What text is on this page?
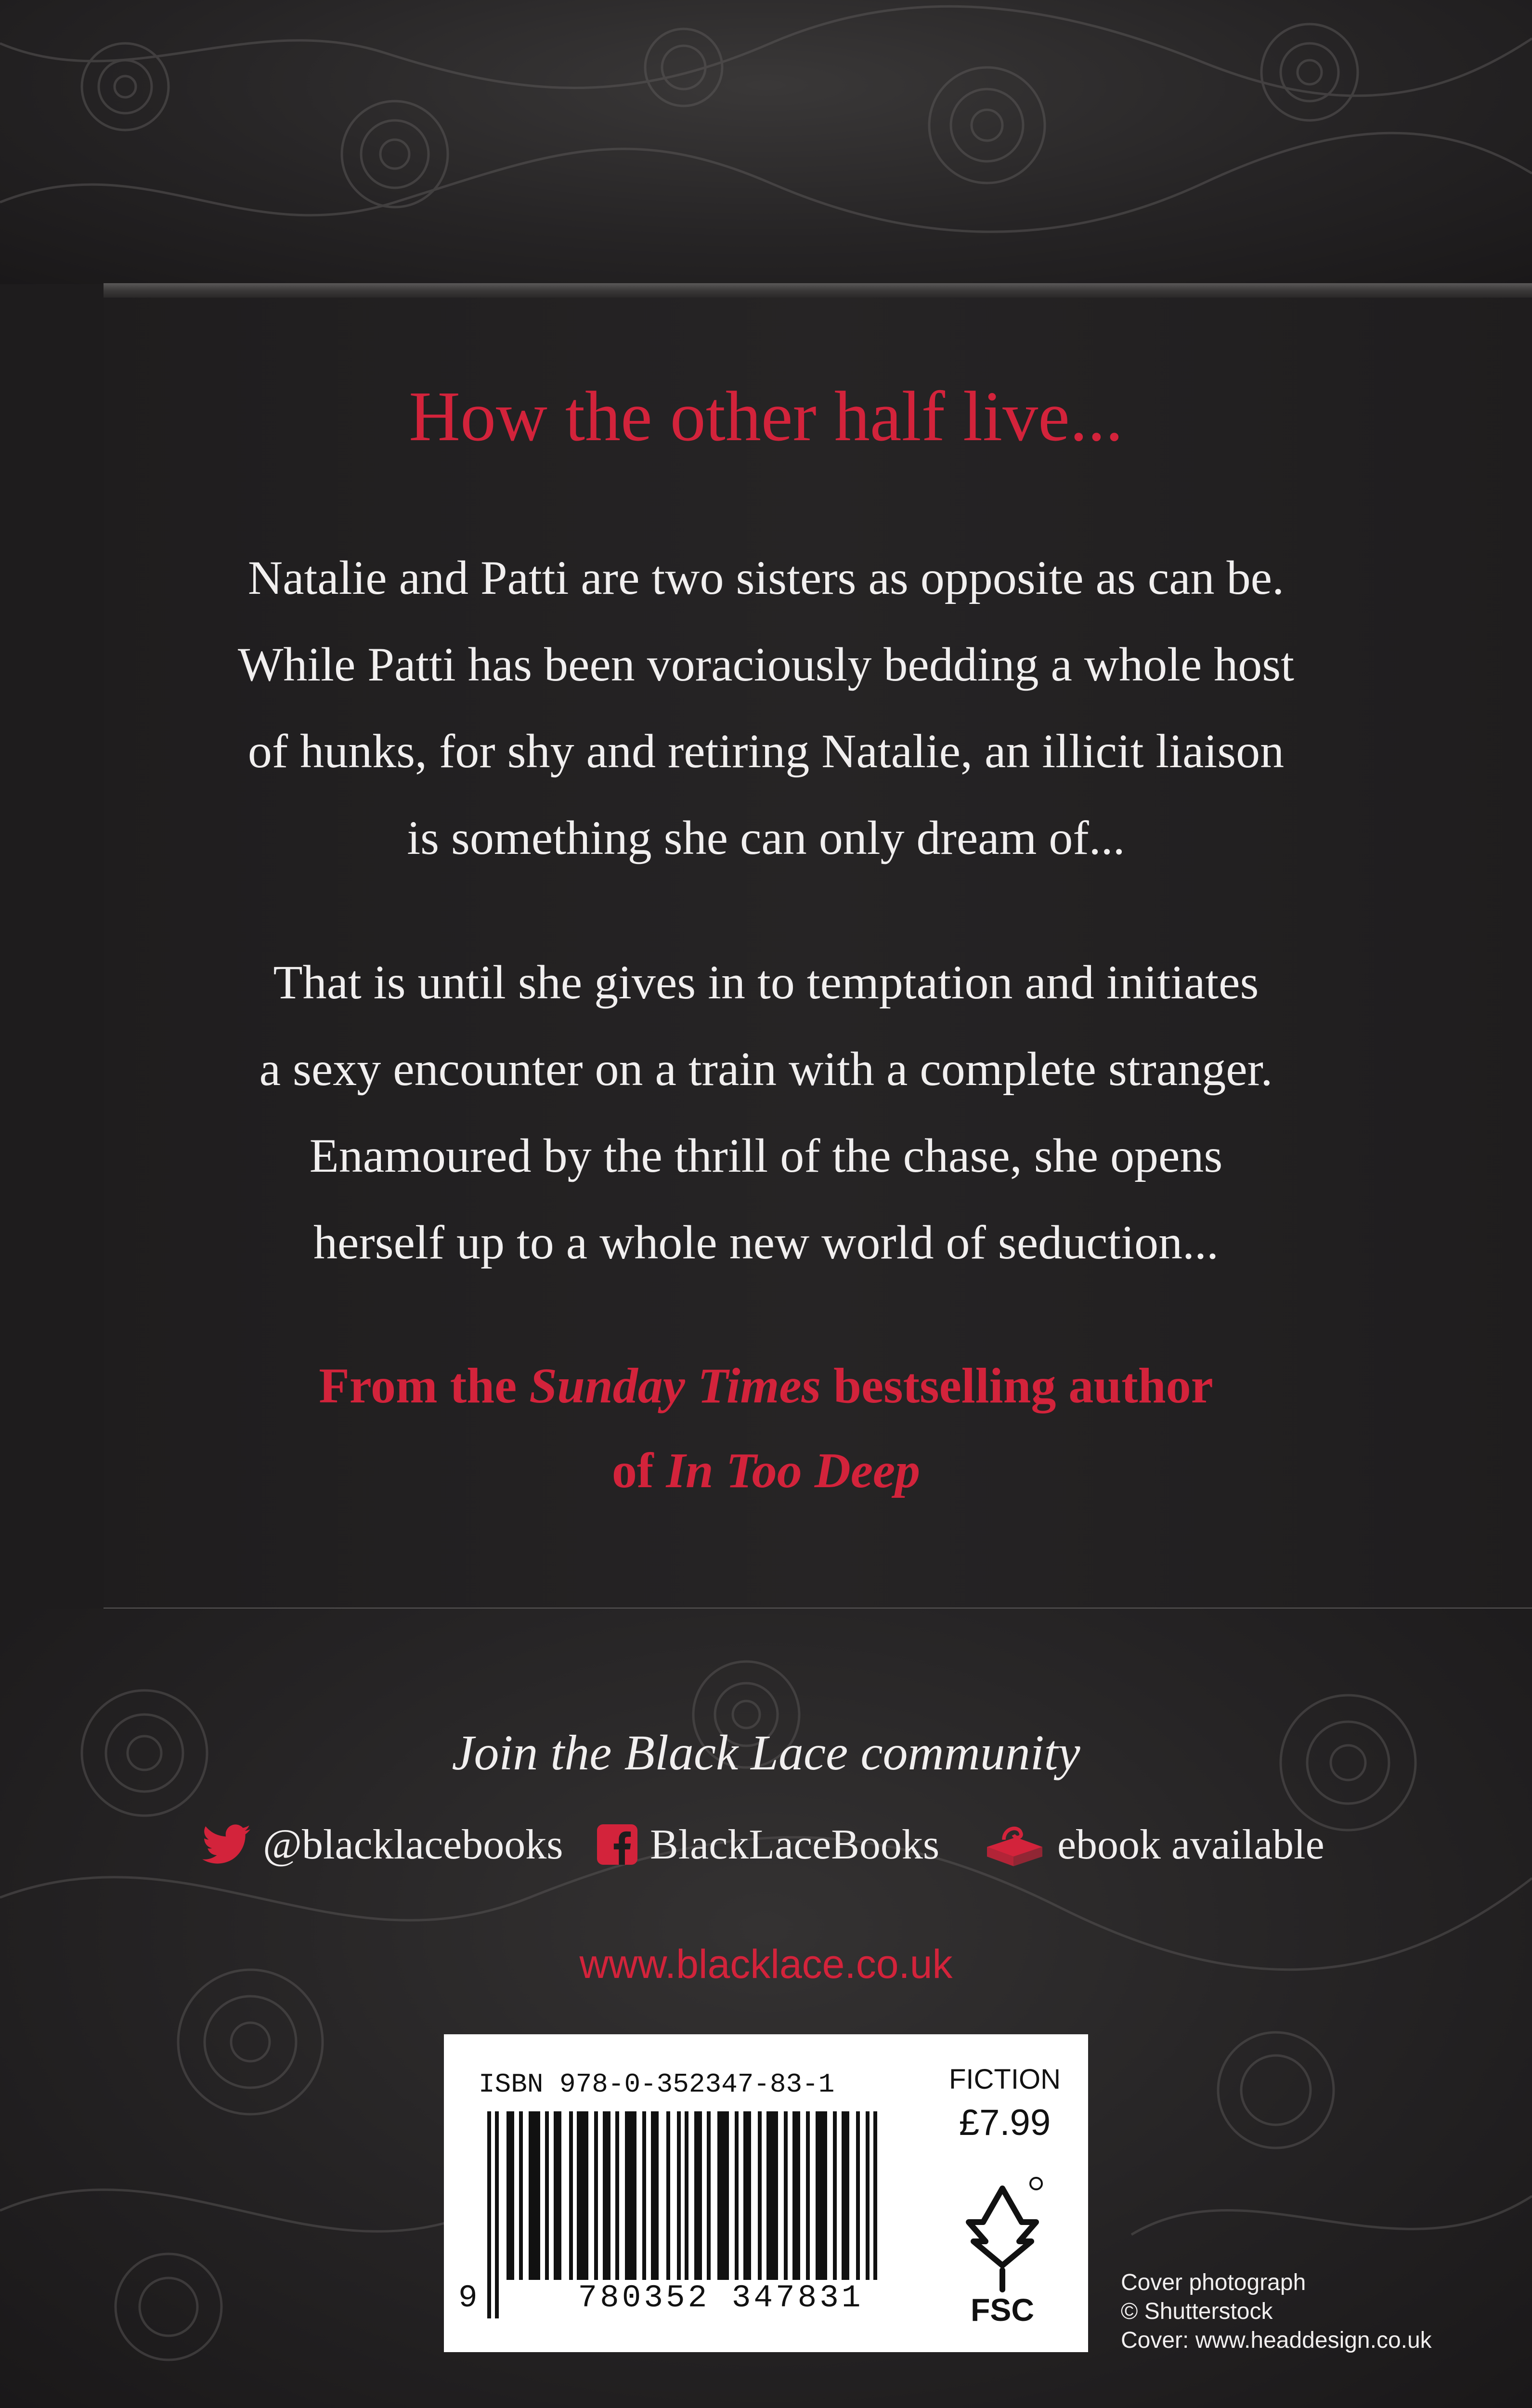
How the other half live...
Natalie and Patti are two sisters as opposite as can be.
While Patti has been voraciously bedding a whole host
of hunks, for shy and retiring Natalie, an illicit liaison
is something she can only dream of...
That is until she gives in to temptation and initiates
a sexy encounter on a train with a complete stranger.
Enamoured by the thrill of the chase, she opens
herself up to a whole new world of seduction...
From the Sunday Times bestselling author
of In Too Deep
Join the Black Lace community
@blacklacebooks BlackLaceBooks	ebook available
www.blacklace.co.uk
ISBN 978-0-352347-83-1
9	780352 347831
FICTION
£7.99
FSC
Cover photograph
© Shutterstock
Cover: www.headdesign.co.uk
